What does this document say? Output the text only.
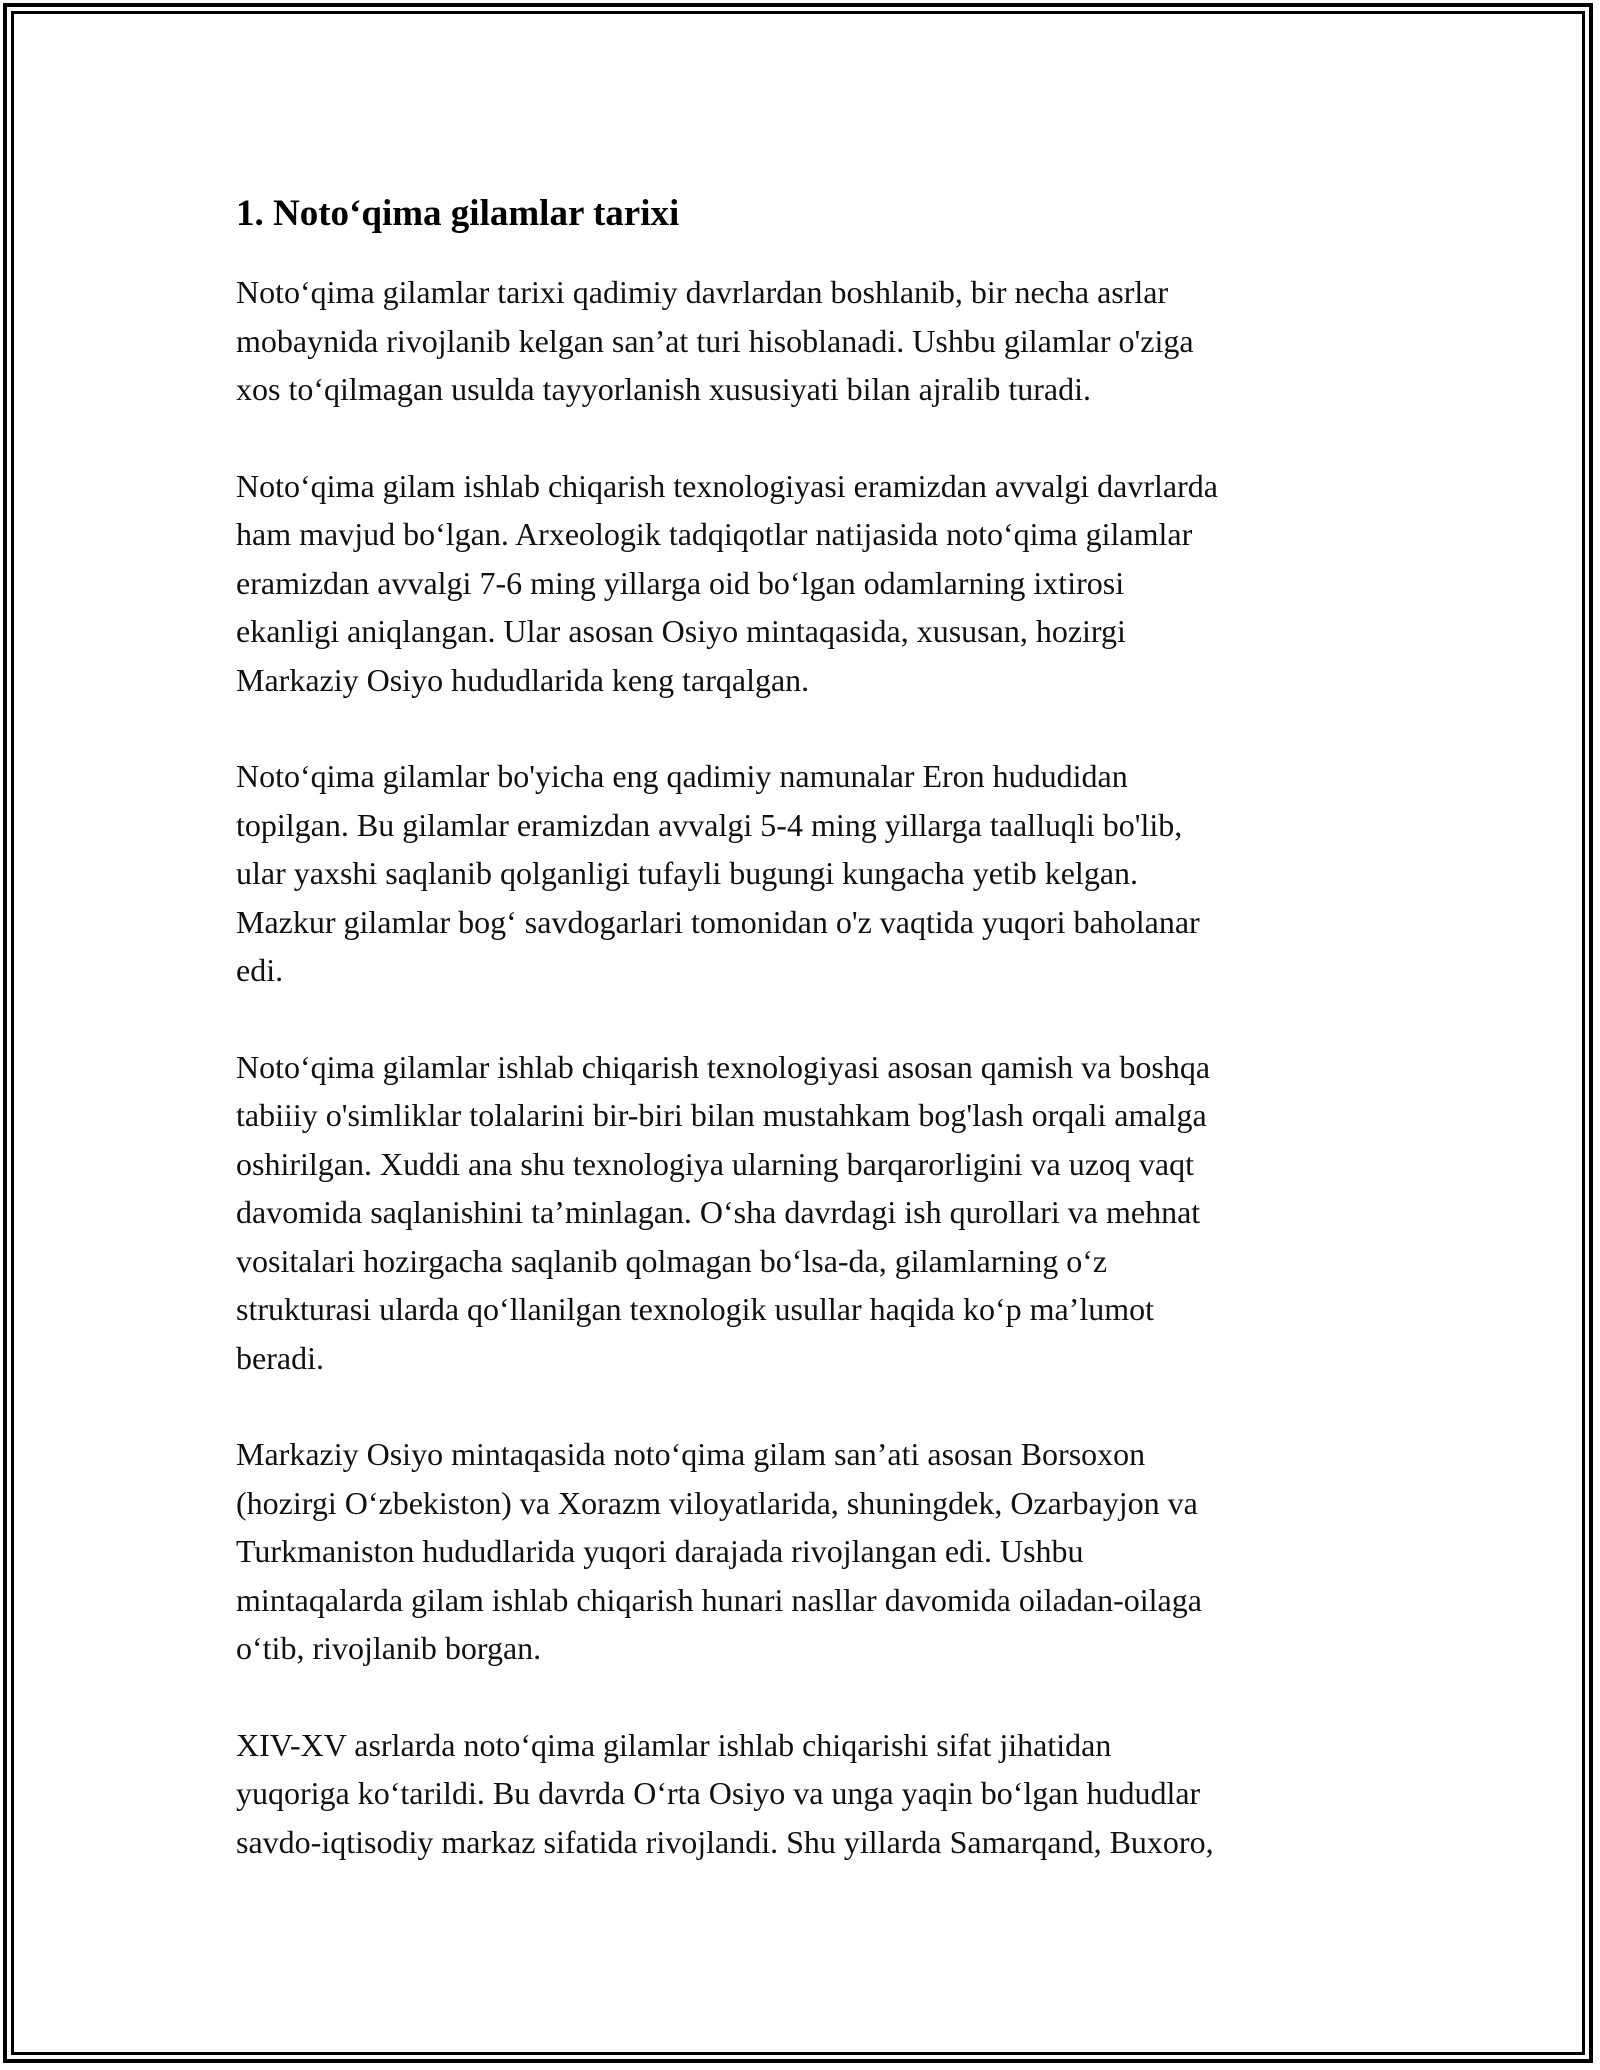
1. Noto‘qima gilamlar tarixi

Noto‘qima gilamlar tarixi qadimiy davrlardan boshlanib, bir necha asrlar
mobaynida rivojlanib kelgan san’at turi hisoblanadi. Ushbu gilamlar o'ziga
xos to‘qilmagan usulda tayyorlanish xususiyati bilan ajralib turadi.

Noto‘qima gilam ishlab chiqarish texnologiyasi eramizdan avvalgi davrlarda
ham mavjud bo‘lgan. Arxeologik tadqiqotlar natijasida noto‘qima gilamlar
eramizdan avvalgi 7-6 ming yillarga oid bo‘lgan odamlarning ixtirosi
ekanligi aniqlangan. Ular asosan Osiyo mintaqasida, xususan, hozirgi
Markaziy Osiyo hududlarida keng tarqalgan.

Noto‘qima gilamlar bo'yicha eng qadimiy namunalar Eron hududidan
topilgan. Bu gilamlar eramizdan avvalgi 5-4 ming yillarga taalluqli bo'lib,
ular yaxshi saqlanib qolganligi tufayli bugungi kungacha yetib kelgan.
Mazkur gilamlar bog‘ savdogarlari tomonidan o'z vaqtida yuqori baholanar
edi.

Noto‘qima gilamlar ishlab chiqarish texnologiyasi asosan qamish va boshqa
tabiiiy o'simliklar tolalarini bir-biri bilan mustahkam bog'lash orqali amalga
oshirilgan. Xuddi ana shu texnologiya ularning barqarorligini va uzoq vaqt
davomida saqlanishini ta’minlagan. O‘sha davrdagi ish qurollari va mehnat
vositalari hozirgacha saqlanib qolmagan bo‘lsa-da, gilamlarning o‘z
strukturasi ularda qo‘llanilgan texnologik usullar haqida ko‘p ma’lumot
beradi.

Markaziy Osiyo mintaqasida noto‘qima gilam san’ati asosan Borsoxon
(hozirgi O‘zbekiston) va Xorazm viloyatlarida, shuningdek, Ozarbayjon va
Turkmaniston hududlarida yuqori darajada rivojlangan edi. Ushbu
mintaqalarda gilam ishlab chiqarish hunari nasllar davomida oiladan-oilaga
o‘tib, rivojlanib borgan.

XIV-XV asrlarda noto‘qima gilamlar ishlab chiqarishi sifat jihatidan
yuqoriga ko‘tarildi. Bu davrda O‘rta Osiyo va unga yaqin bo‘lgan hududlar
savdo-iqtisodiy markaz sifatida rivojlandi. Shu yillarda Samarqand, Buxoro,
